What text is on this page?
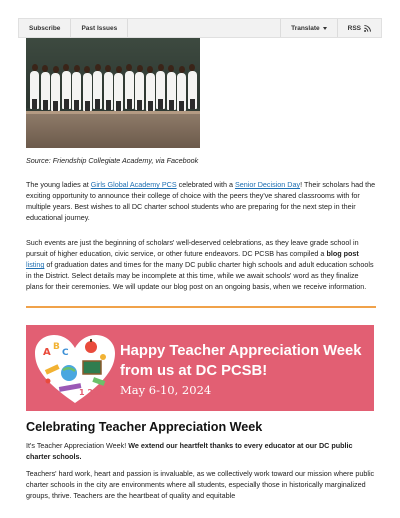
Subscribe	Past Issues	Translate	RSS

Source: Friendship Collegiate Academy, via Facebook

The young ladies at Girls Global Academy PCS celebrated with a Senior Decision Day! Their scholars had the exciting opportunity to announce their college of choice with the peers they've shared classrooms with for multiple years. Best wishes to all DC charter school students who are preparing for the next step in their educational journey.

Such events are just the beginning of scholars' well-deserved celebrations, as they leave grade school in pursuit of higher education, civic service, or other future endeavors. DC PCSB has compiled a blog post listing of graduation dates and times for the many DC public charter high schools and adult education schools in the District. Select details may be incomplete at this time, while we await schools' word as they finalize plans for their ceremonies. We will update our blog post on an ongoing basis, when we receive information.

A B
C
1 2 3
Happy Teacher Appreciation Week from us at DC PCSB!
May 6-10, 2024
Celebrating Teacher Appreciation Week

It's Teacher Appreciation Week! We extend our heartfelt thanks to every educator at our DC public charter schools.

Teachers' hard work, heart and passion is invaluable, as we collectively work toward our mission where public charter schools in the city are environments where all students, especially those in historically marginalized groups, thrive. Teachers are the heartbeat of quality and equitable
